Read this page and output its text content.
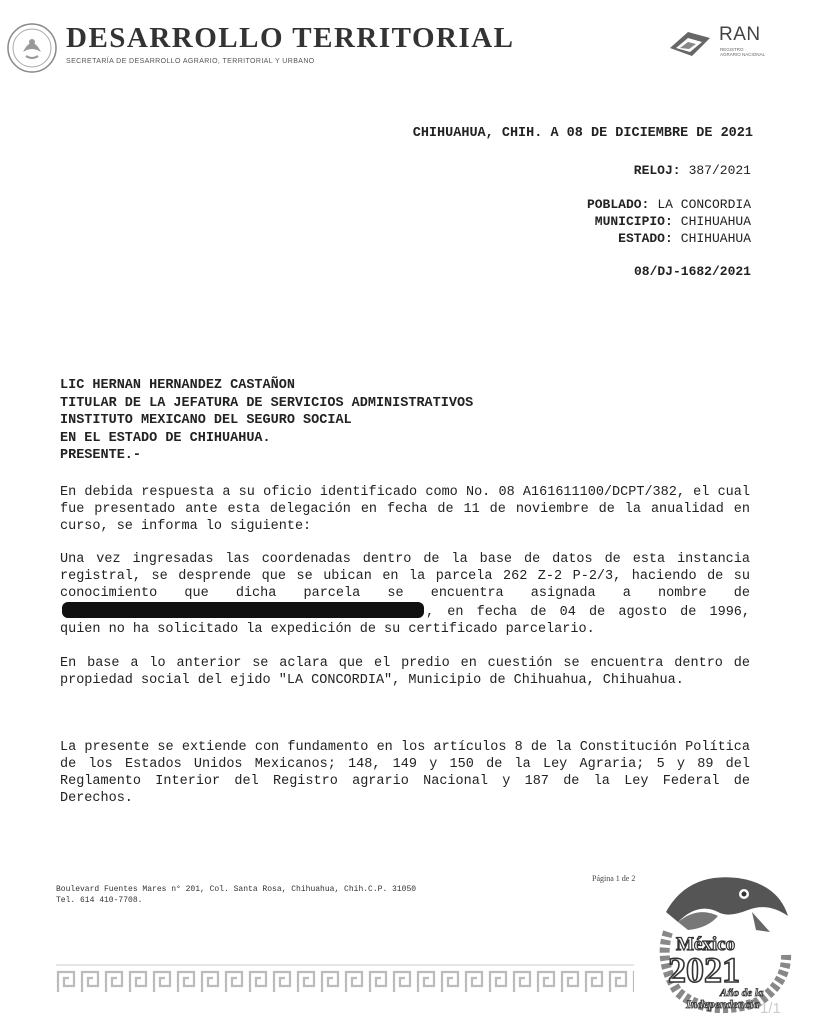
DESARROLLO TERRITORIAL
SECRETARÍA DE DESARROLLO AGRARIO, TERRITORIAL Y URBANO
RAN
REGISTRO AGRARIO NACIONAL
CHIHUAHUA, CHIH. A 08 DE DICIEMBRE DE 2021
RELOJ: 387/2021
POBLADO: LA CONCORDIA
MUNICIPIO: CHIHUAHUA
ESTADO: CHIHUAHUA
08/DJ-1682/2021
LIC HERNAN HERNANDEZ CASTAÑON
TITULAR DE LA JEFATURA DE SERVICIOS ADMINISTRATIVOS
INSTITUTO MEXICANO DEL SEGURO SOCIAL
EN EL ESTADO DE CHIHUAHUA.
PRESENTE.-
En debida respuesta a su oficio identificado como No. 08 A161611100/DCPT/382, el cual fue presentado ante esta delegación en fecha de 11 de noviembre de la anualidad en curso, se informa lo siguiente:
Una vez ingresadas las coordenadas dentro de la base de datos de esta instancia registral, se desprende que se ubican en la parcela 262 Z-2 P-2/3, haciendo de su conocimiento que dicha parcela se encuentra asignada a nombre de, en fecha de 04 de agosto de 1996, quien no ha solicitado la expedición de su certificado parcelario.
En base a lo anterior se aclara que el predio en cuestión se encuentra dentro de propiedad social del ejido "LA CONCORDIA", Municipio de Chihuahua, Chihuahua.
La presente se extiende con fundamento en los artículos 8 de la Constitución Política de los Estados Unidos Mexicanos; 148, 149 y 150 de la Ley Agraria; 5 y 89 del Reglamento Interior del Registro agrario Nacional y 187 de la Ley Federal de Derechos.
Boulevard Fuentes Mares n° 201, Col. Santa Rosa, Chihuahua, Chih.C.P. 31050
Tel. 614 410-7708.
Página 1 de 2
México
2021
Año de la
Independencia 1/1
